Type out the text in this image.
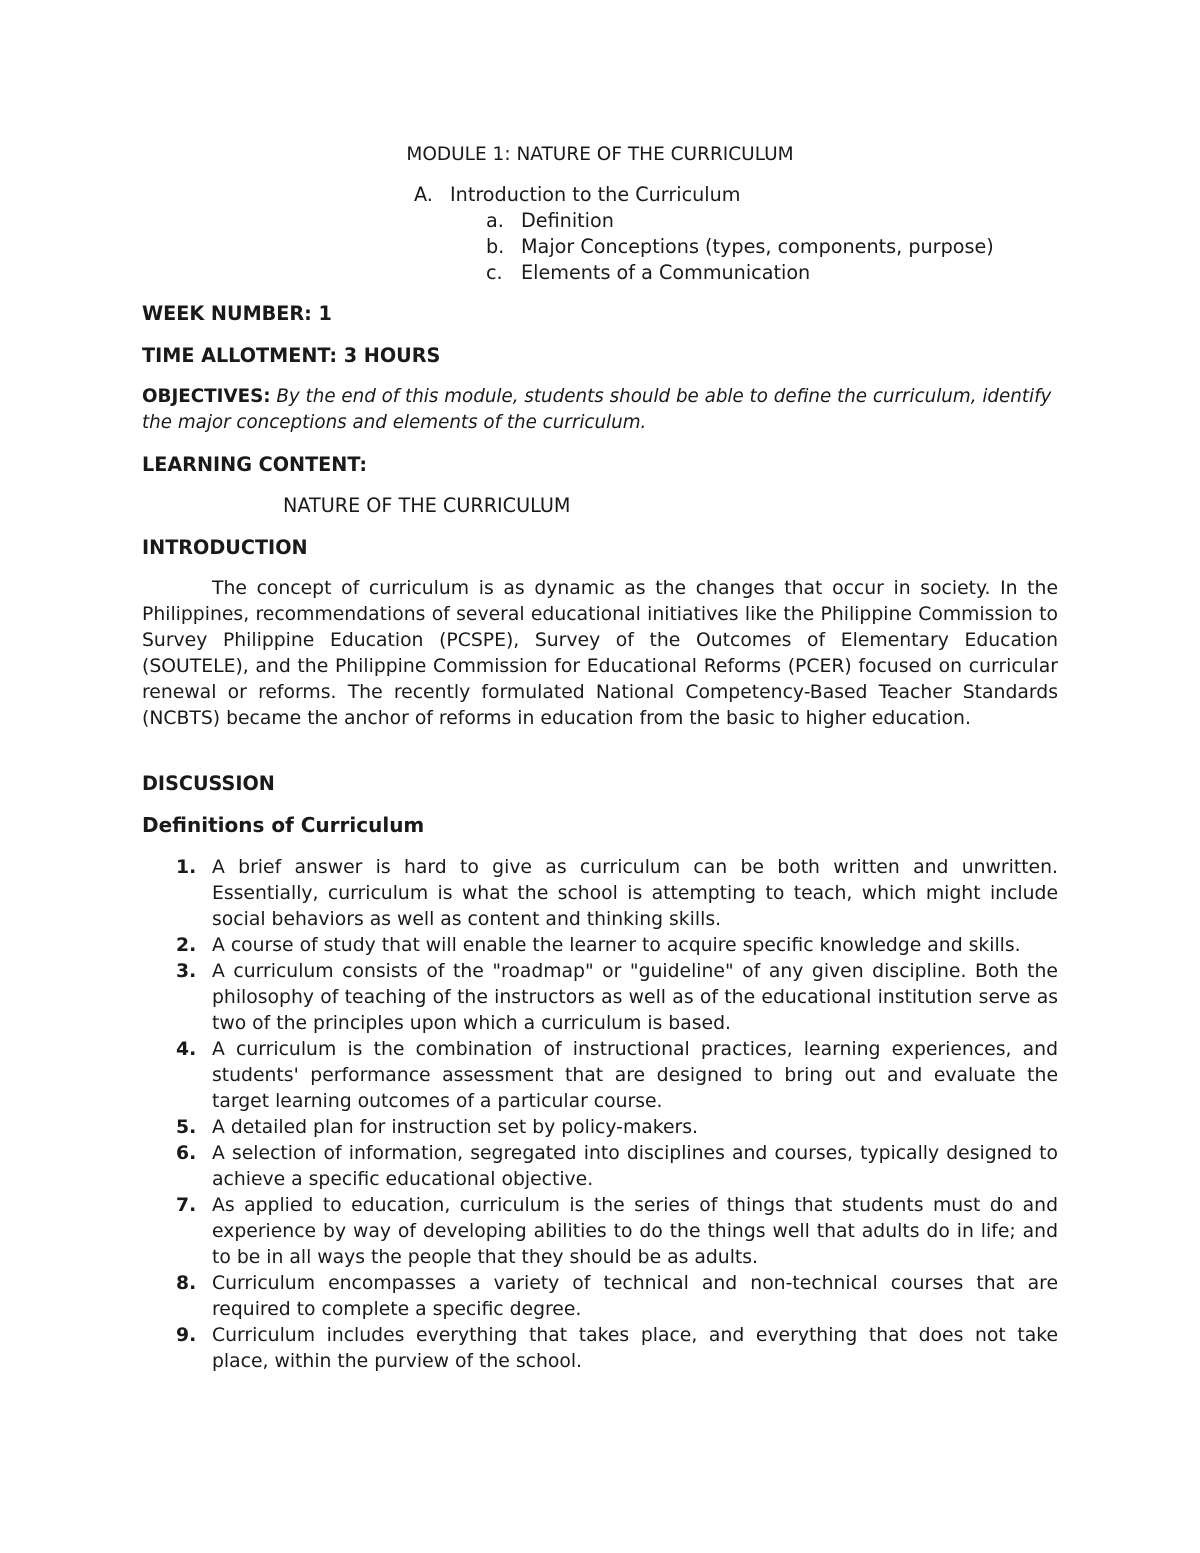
MODULE 1: NATURE OF THE CURRICULUM
A. Introduction to the Curriculum
a. Definition
b. Major Conceptions (types, components, purpose)
c. Elements of a Communication
WEEK NUMBER: 1
TIME ALLOTMENT: 3 HOURS
OBJECTIVES: By the end of this module, students should be able to define the curriculum, identify the major conceptions and elements of the curriculum.
LEARNING CONTENT:
NATURE OF THE CURRICULUM
INTRODUCTION
The concept of curriculum is as dynamic as the changes that occur in society. In the Philippines, recommendations of several educational initiatives like the Philippine Commission to Survey Philippine Education (PCSPE), Survey of the Outcomes of Elementary Education (SOUTELE), and the Philippine Commission for Educational Reforms (PCER) focused on curricular renewal or reforms. The recently formulated National Competency-Based Teacher Standards (NCBTS) became the anchor of reforms in education from the basic to higher education.
DISCUSSION
Definitions of Curriculum
1. A brief answer is hard to give as curriculum can be both written and unwritten. Essentially, curriculum is what the school is attempting to teach, which might include social behaviors as well as content and thinking skills.
2. A course of study that will enable the learner to acquire specific knowledge and skills.
3. A curriculum consists of the "roadmap" or "guideline" of any given discipline. Both the philosophy of teaching of the instructors as well as of the educational institution serve as two of the principles upon which a curriculum is based.
4. A curriculum is the combination of instructional practices, learning experiences, and students' performance assessment that are designed to bring out and evaluate the target learning outcomes of a particular course.
5. A detailed plan for instruction set by policy-makers.
6. A selection of information, segregated into disciplines and courses, typically designed to achieve a specific educational objective.
7. As applied to education, curriculum is the series of things that students must do and experience by way of developing abilities to do the things well that adults do in life; and to be in all ways the people that they should be as adults.
8. Curriculum encompasses a variety of technical and non-technical courses that are required to complete a specific degree.
9. Curriculum includes everything that takes place, and everything that does not take place, within the purview of the school.
